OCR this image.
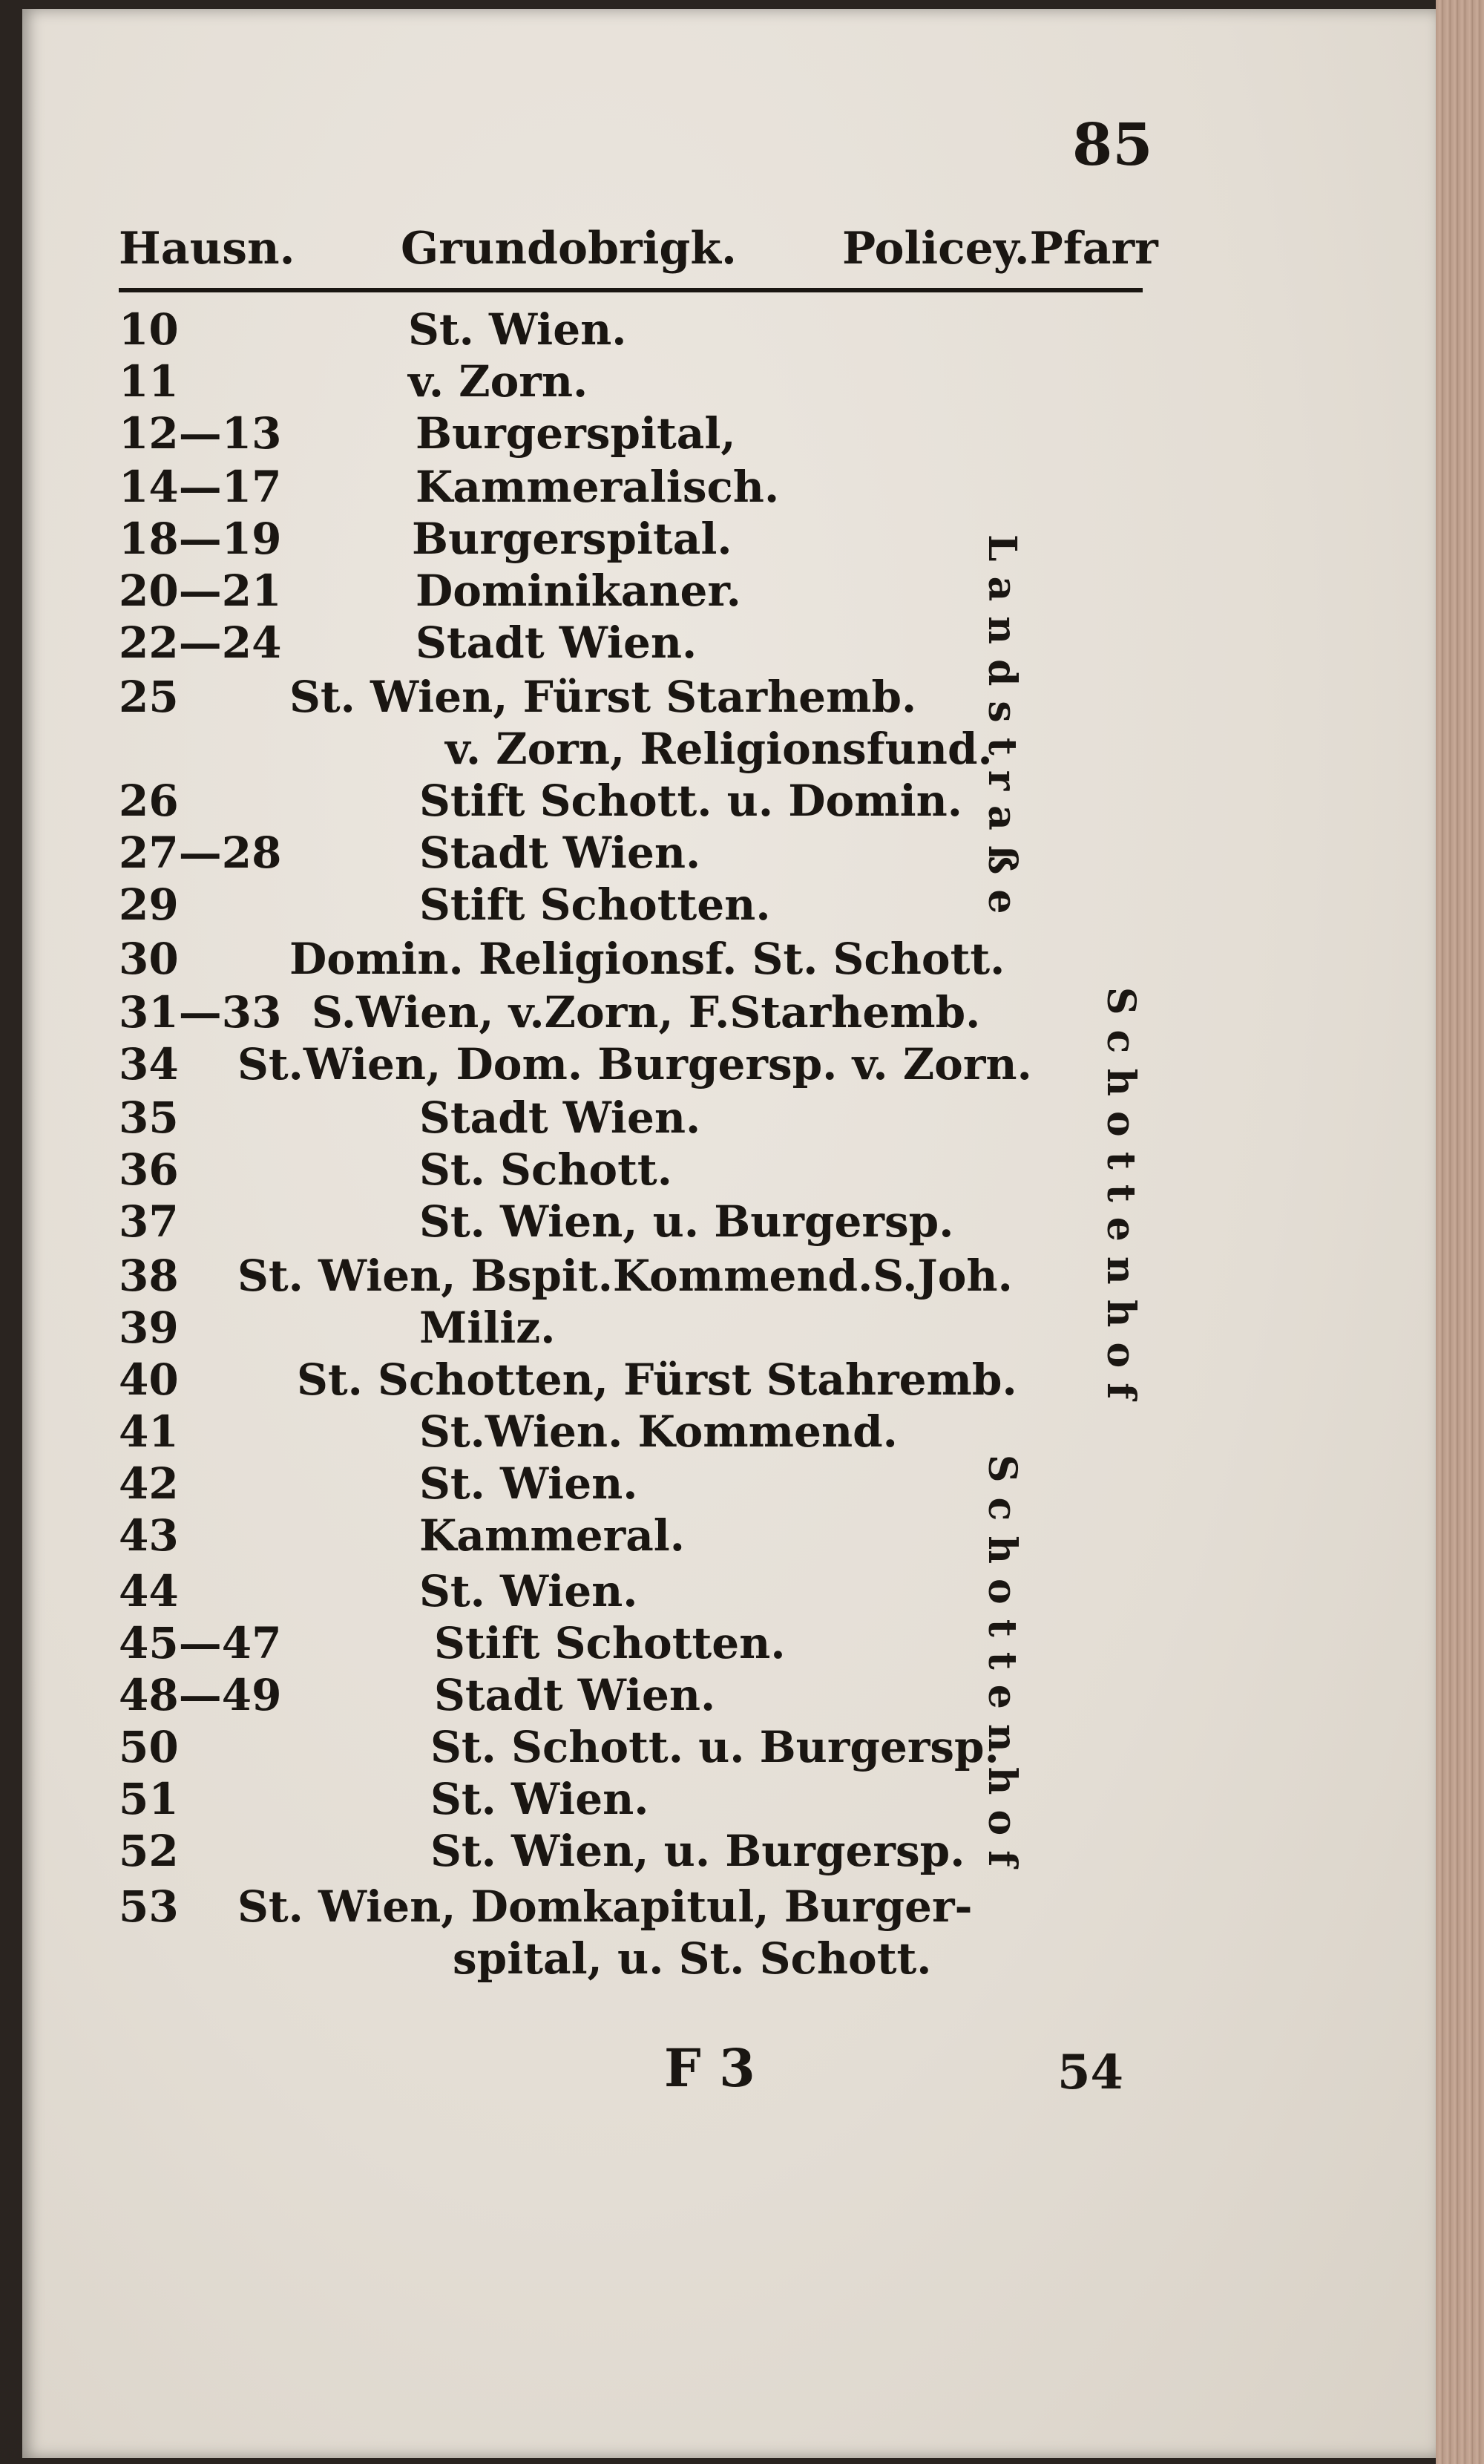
85
Hausn. Grundobrigk. Policey.Pfarr
10	St. Wien.
11	v. Zorn.
12—13	Burgerspital,
14—17	Kammeralisch.
18—19	Burgerspital.
20—21	Dominikaner.
22—24	Stadt Wien.
25	St. Wien, Fürst Starhemb.
v. Zorn, Religionsfund.
26	Stift Schott. u. Domin.
27—28	Stadt Wien.
29	Stift Schotten.
30	Domin. Religionsf. St. Schott.
31—33 S.Wien, v.Zorn, F.Starhemb.
34 St.Wien, Dom. Burgersp. v. Zorn.
35	Stadt Wien.
36	St. Schott.
37	St. Wien, u. Burgersp.
38 St. Wien, Bspit.Kommend.S.Joh.
39	Miliz.
40	St. Schotten, Fürst Stahremb.
41	St.Wien. Kommend.
42	St. Wien.
43	Kammeral.
44	St. Wien.
45—47	Stift Schotten.
48—49	Stadt Wien.
50	St. Schott. u. Burgersp.
51	St. Wien.
52	St. Wien, u. Burgersp.
53 St. Wien, Domkapitul, Burger-
spital, u. St. Schott.
Landstraße
Schottenhof
Schottenhof
F 3	54
